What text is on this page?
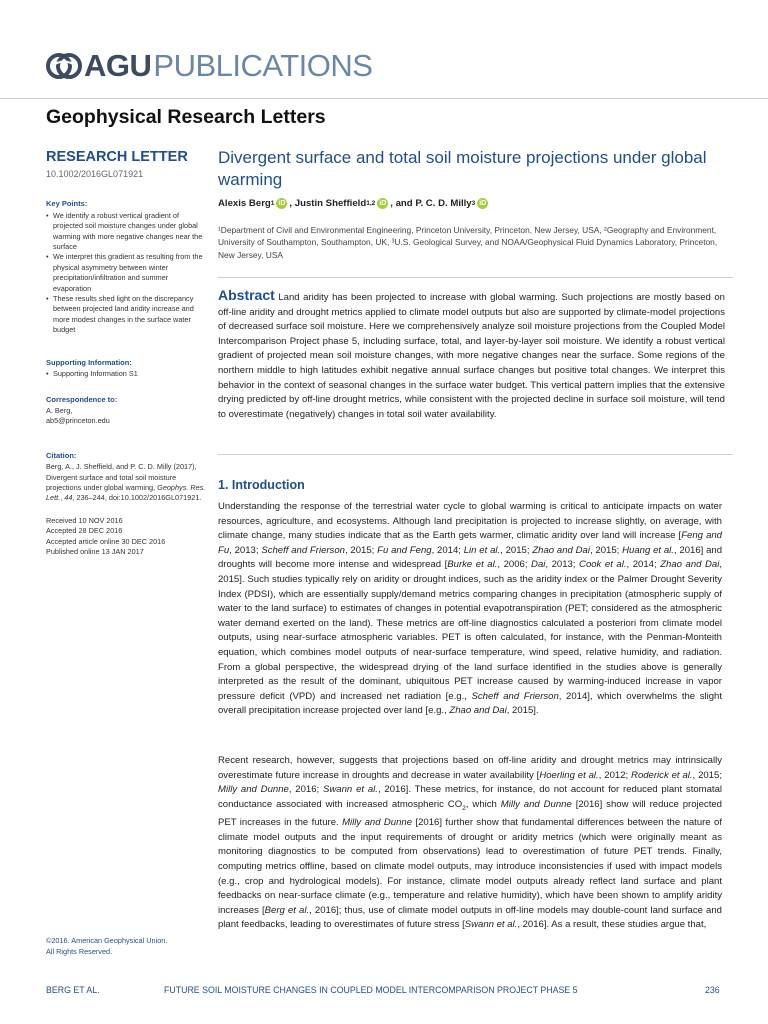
AGU PUBLICATIONS
Geophysical Research Letters
RESEARCH LETTER
10.1002/2016GL071921
Key Points:
• We identify a robust vertical gradient of projected soil moisture changes under global warming with more negative changes near the surface
• We interpret this gradient as resulting from the physical asymmetry between winter precipitation/infiltration and summer evaporation
• These results shed light on the discrepancy between projected land aridity increase and more modest changes in the surface water budget
Supporting Information:
• Supporting Information S1
Correspondence to:
A. Berg,
ab5@princeton.edu
Citation:
Berg, A., J. Sheffield, and P. C. D. Milly (2017), Divergent surface and total soil moisture projections under global warming, Geophys. Res. Lett., 44, 236–244, doi:10.1002/2016GL071921.
Received 10 NOV 2016
Accepted 28 DEC 2016
Accepted article online 30 DEC 2016
Published online 13 JAN 2017
©2016. American Geophysical Union.
All Rights Reserved.
Divergent surface and total soil moisture projections under global warming
Alexis Berg 1 iD , Justin Sheffield 1,2 iD , and P. C. D. Milly 3 iD
¹Department of Civil and Environmental Engineering, Princeton University, Princeton, New Jersey, USA, ²Geography and Environment, University of Southampton, Southampton, UK, ³U.S. Geological Survey, and NOAA/Geophysical Fluid Dynamics Laboratory, Princeton, New Jersey, USA
Abstract Land aridity has been projected to increase with global warming. Such projections are mostly based on off-line aridity and drought metrics applied to climate model outputs but also are supported by climate-model projections of decreased surface soil moisture. Here we comprehensively analyze soil moisture projections from the Coupled Model Intercomparison Project phase 5, including surface, total, and layer-by-layer soil moisture. We identify a robust vertical gradient of projected mean soil moisture changes, with more negative changes near the surface. Some regions of the northern middle to high latitudes exhibit negative annual surface changes but positive total changes. We interpret this behavior in the context of seasonal changes in the surface water budget. This vertical pattern implies that the extensive drying predicted by off-line drought metrics, while consistent with the projected decline in surface soil moisture, will tend to overestimate (negatively) changes in total soil water availability.
1. Introduction

Understanding the response of the terrestrial water cycle to global warming is critical to anticipate impacts on water resources, agriculture, and ecosystems. Although land precipitation is projected to increase slightly, on average, with climate change, many studies indicate that as the Earth gets warmer, climatic aridity over land will increase [Feng and Fu, 2013; Scheff and Frierson, 2015; Fu and Feng, 2014; Lin et al., 2015; Zhao and Dai, 2015; Huang et al., 2016] and droughts will become more intense and widespread [Burke et al., 2006; Dai, 2013; Cook et al., 2014; Zhao and Dai, 2015]. Such studies typically rely on aridity or drought indices, such as the aridity index or the Palmer Drought Severity Index (PDSI), which are essentially supply/demand metrics comparing changes in precipitation (atmospheric supply of water to the land surface) to estimates of changes in potential evapotranspiration (PET; considered as the atmospheric water demand exerted on the land). These metrics are off-line diagnostics calculated a posteriori from climate model outputs, using near-surface atmospheric variables. PET is often calculated, for instance, with the Penman-Monteith equation, which combines model outputs of near-surface temperature, wind speed, relative humidity, and radiation. From a global perspective, the widespread drying of the land surface identified in the studies above is generally interpreted as the result of the dominant, ubiquitous PET increase caused by warming-induced increase in vapor pressure deficit (VPD) and increased net radiation [e.g., Scheff and Frierson, 2014], which overwhelms the slight overall precipitation increase projected over land [e.g., Zhao and Dai, 2015].

Recent research, however, suggests that projections based on off-line aridity and drought metrics may intrinsically overestimate future increase in droughts and decrease in water availability [Hoerling et al., 2012; Roderick et al., 2015; Milly and Dunne, 2016; Swann et al., 2016]. These metrics, for instance, do not account for reduced plant stomatal conductance associated with increased atmospheric $CO_2$, which Milly and Dunne [2016] show will reduce projected PET increases in the future. Milly and Dunne [2016] further show that fundamental differences between the nature of climate model outputs and the input requirements of drought or aridity metrics (which were originally meant as monitoring diagnostics to be computed from observations) lead to overestimation of future PET trends. Finally, computing metrics offline, based on climate model outputs, may introduce inconsistencies if used with impact models (e.g., crop and hydrological models). For instance, climate model outputs already reflect land surface and plant feedbacks on near-surface climate (e.g., temperature and relative humidity), which have been shown to amplify aridity increases [Berg et al., 2016]; thus, use of climate model outputs in off-line models may double-count land surface and plant feedbacks, leading to overestimates of future stress [Swann et al., 2016]. As a result, these studies argue that,

BERG ET AL.	FUTURE SOIL MOISTURE CHANGES IN COUPLED MODEL INTERCOMPARISON PROJECT PHASE 5	236
